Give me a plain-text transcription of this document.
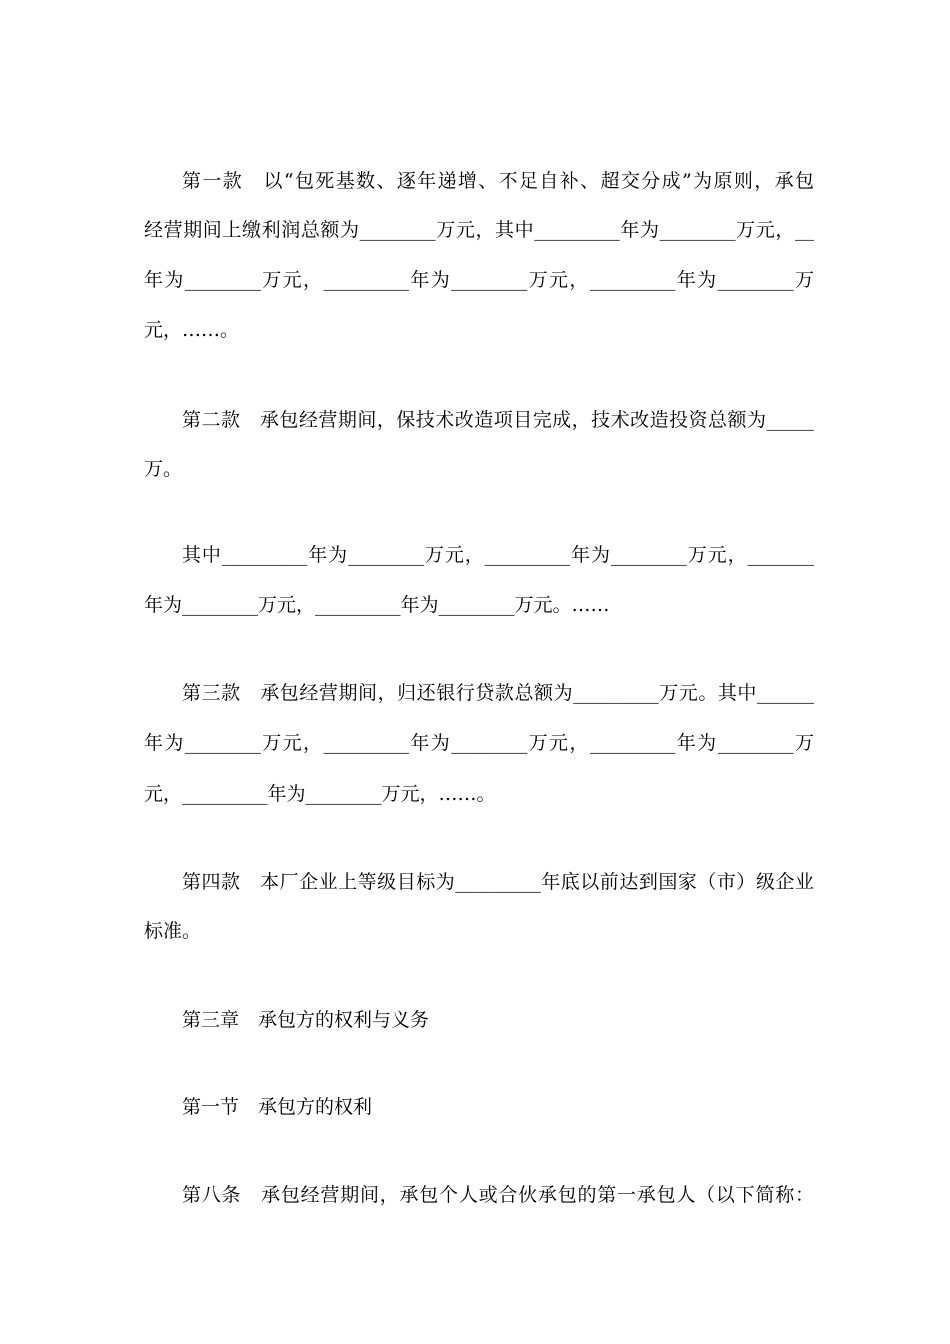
第一款　以“包死基数、逐年递增、不足自补、超交分成”为原则，承包
经营期间上缴利润总额为________万元，其中_________年为________万元，__
年为________万元，_________年为________万元，_________年为________万
元，……。
第二款　承包经营期间，保技术改造项目完成，技术改造投资总额为_____
万。
其中_________年为________万元，_________年为________万元，_______
年为________万元，_________年为________万元。……
第三款　承包经营期间，归还银行贷款总额为_________万元。其中______
年为________万元，_________年为________万元，_________年为________万
元，_________年为________万元，……。
第四款　本厂企业上等级目标为_________年底以前达到国家（市）级企业
标准。
第三章　承包方的权利与义务
第一节　承包方的权利
第八条　承包经营期间，承包个人或合伙承包的第一承包人（以下简称：
